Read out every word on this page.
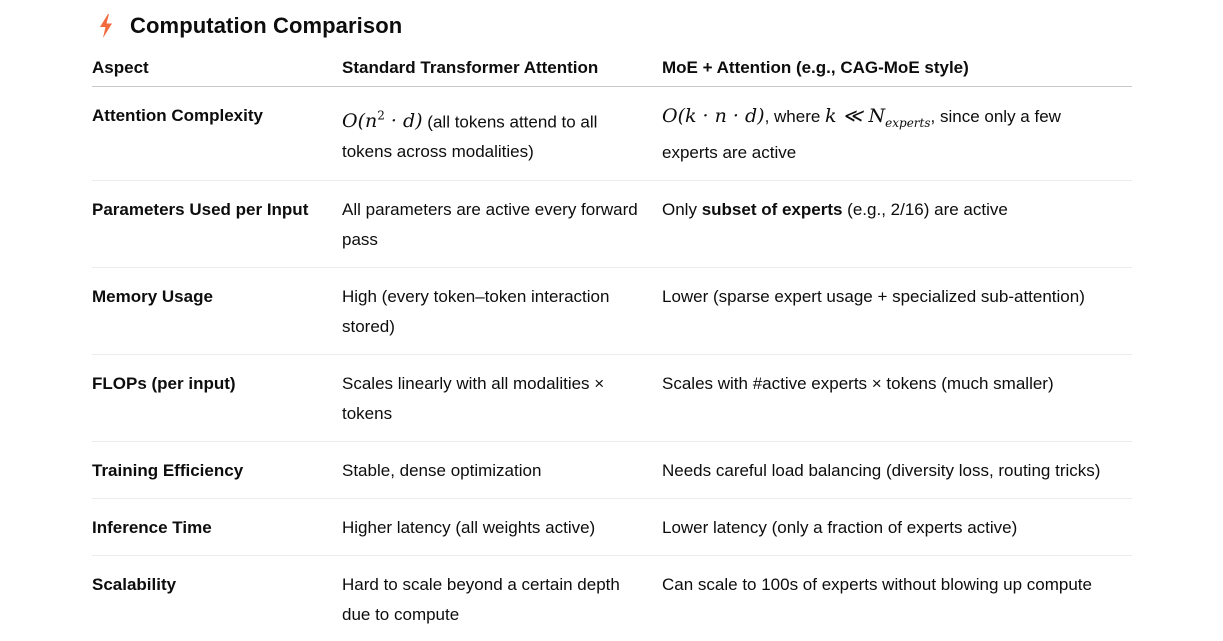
Computation Comparison
Aspect	Standard Transformer Attention	MoE + Attention (e.g., CAG-MoE style)
Attention Complexity	$O(n^2 \cdot d)$ (all tokens attend to all tokens across modalities)	O(k · n · d), where k ≪ $N_{experts}$, since only a few experts are active
Parameters Used per Input	All parameters are active every forward pass	Only subset of experts (e.g., 2/16) are active
Memory Usage	High (every token–token interaction stored)	Lower (sparse expert usage + specialized sub-attention)
FLOPs (per input)	Scales linearly with all modalities × tokens	Scales with #active experts × tokens (much smaller)
Training Efficiency	Stable, dense optimization	Needs careful load balancing (diversity loss, routing tricks)
Inference Time	Higher latency (all weights active)	Lower latency (only a fraction of experts active)
Scalability	Hard to scale beyond a certain depth due to compute	Can scale to 100s of experts without blowing up compute
